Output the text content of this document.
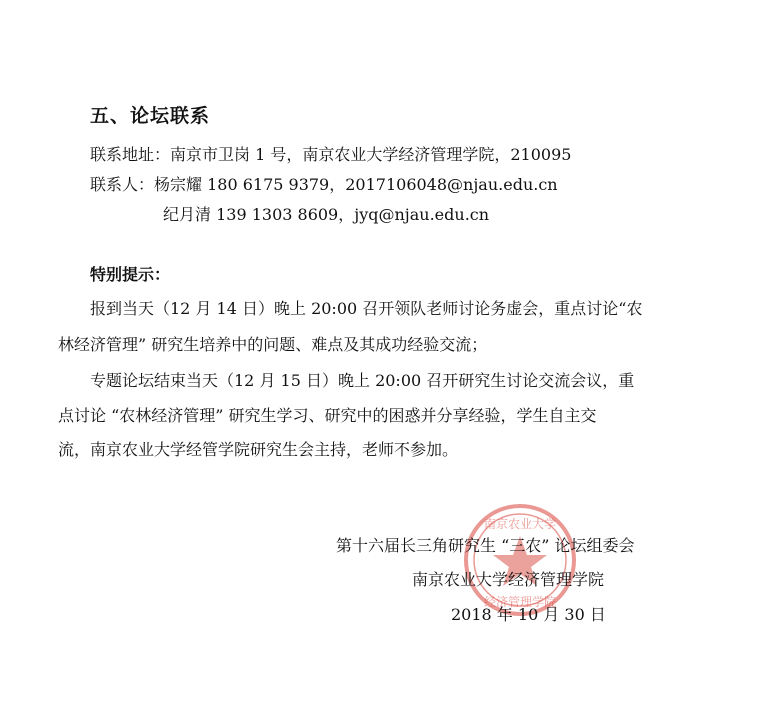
五、论坛联系
联系地址：南京市卫岗 1 号，南京农业大学经济管理学院，210095
联系人：杨宗耀 180 6175 9379，2017106048@njau.edu.cn
纪月清 139 1303 8609，jyq@njau.edu.cn
特别提示：
报到当天（12 月 14 日）晚上 20:00 召开领队老师讨论务虚会，重点讨论“农
林经济管理” 研究生培养中的问题、难点及其成功经验交流；
专题论坛结束当天（12 月 15 日）晚上 20:00 召开研究生讨论交流会议，重
点讨论 “农林经济管理” 研究生学习、研究中的困惑并分享经验，学生自主交
流，南京农业大学经管学院研究生会主持，老师不参加。
南京农业大学
经济管理学院
第十六届长三角研究生 “三农” 论坛组委会
南京农业大学经济管理学院
2018 年 10 月 30 日
